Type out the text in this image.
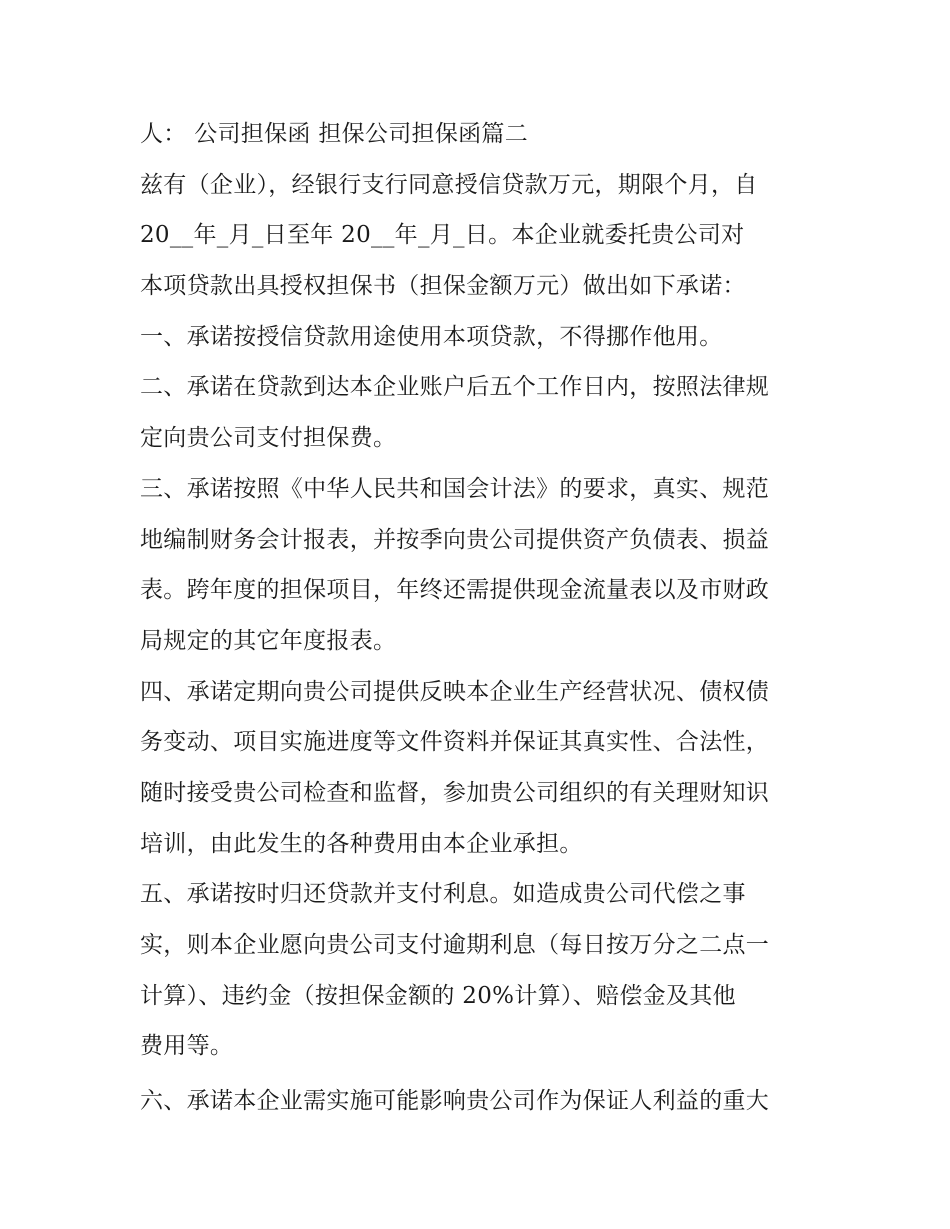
人： 公司担保函 担保公司担保函篇二
兹有（企业），经银行支行同意授信贷款万元，期限个月，自
20__年_月_日至年 20__年_月_日。本企业就委托贵公司对
本项贷款出具授权担保书（担保金额万元）做出如下承诺：
一、承诺按授信贷款用途使用本项贷款，不得挪作他用。
二、承诺在贷款到达本企业账户后五个工作日内，按照法律规
定向贵公司支付担保费。
三、承诺按照《中华人民共和国会计法》的要求，真实、规范
地编制财务会计报表，并按季向贵公司提供资产负债表、损益
表。跨年度的担保项目，年终还需提供现金流量表以及市财政
局规定的其它年度报表。
四、承诺定期向贵公司提供反映本企业生产经营状况、债权债
务变动、项目实施进度等文件资料并保证其真实性、合法性，
随时接受贵公司检查和监督，参加贵公司组织的有关理财知识
培训，由此发生的各种费用由本企业承担。
五、承诺按时归还贷款并支付利息。如造成贵公司代偿之事
实，则本企业愿向贵公司支付逾期利息（每日按万分之二点一
计算）、违约金（按担保金额的 20%计算）、赔偿金及其他
费用等。
六、承诺本企业需实施可能影响贵公司作为保证人利益的重大
